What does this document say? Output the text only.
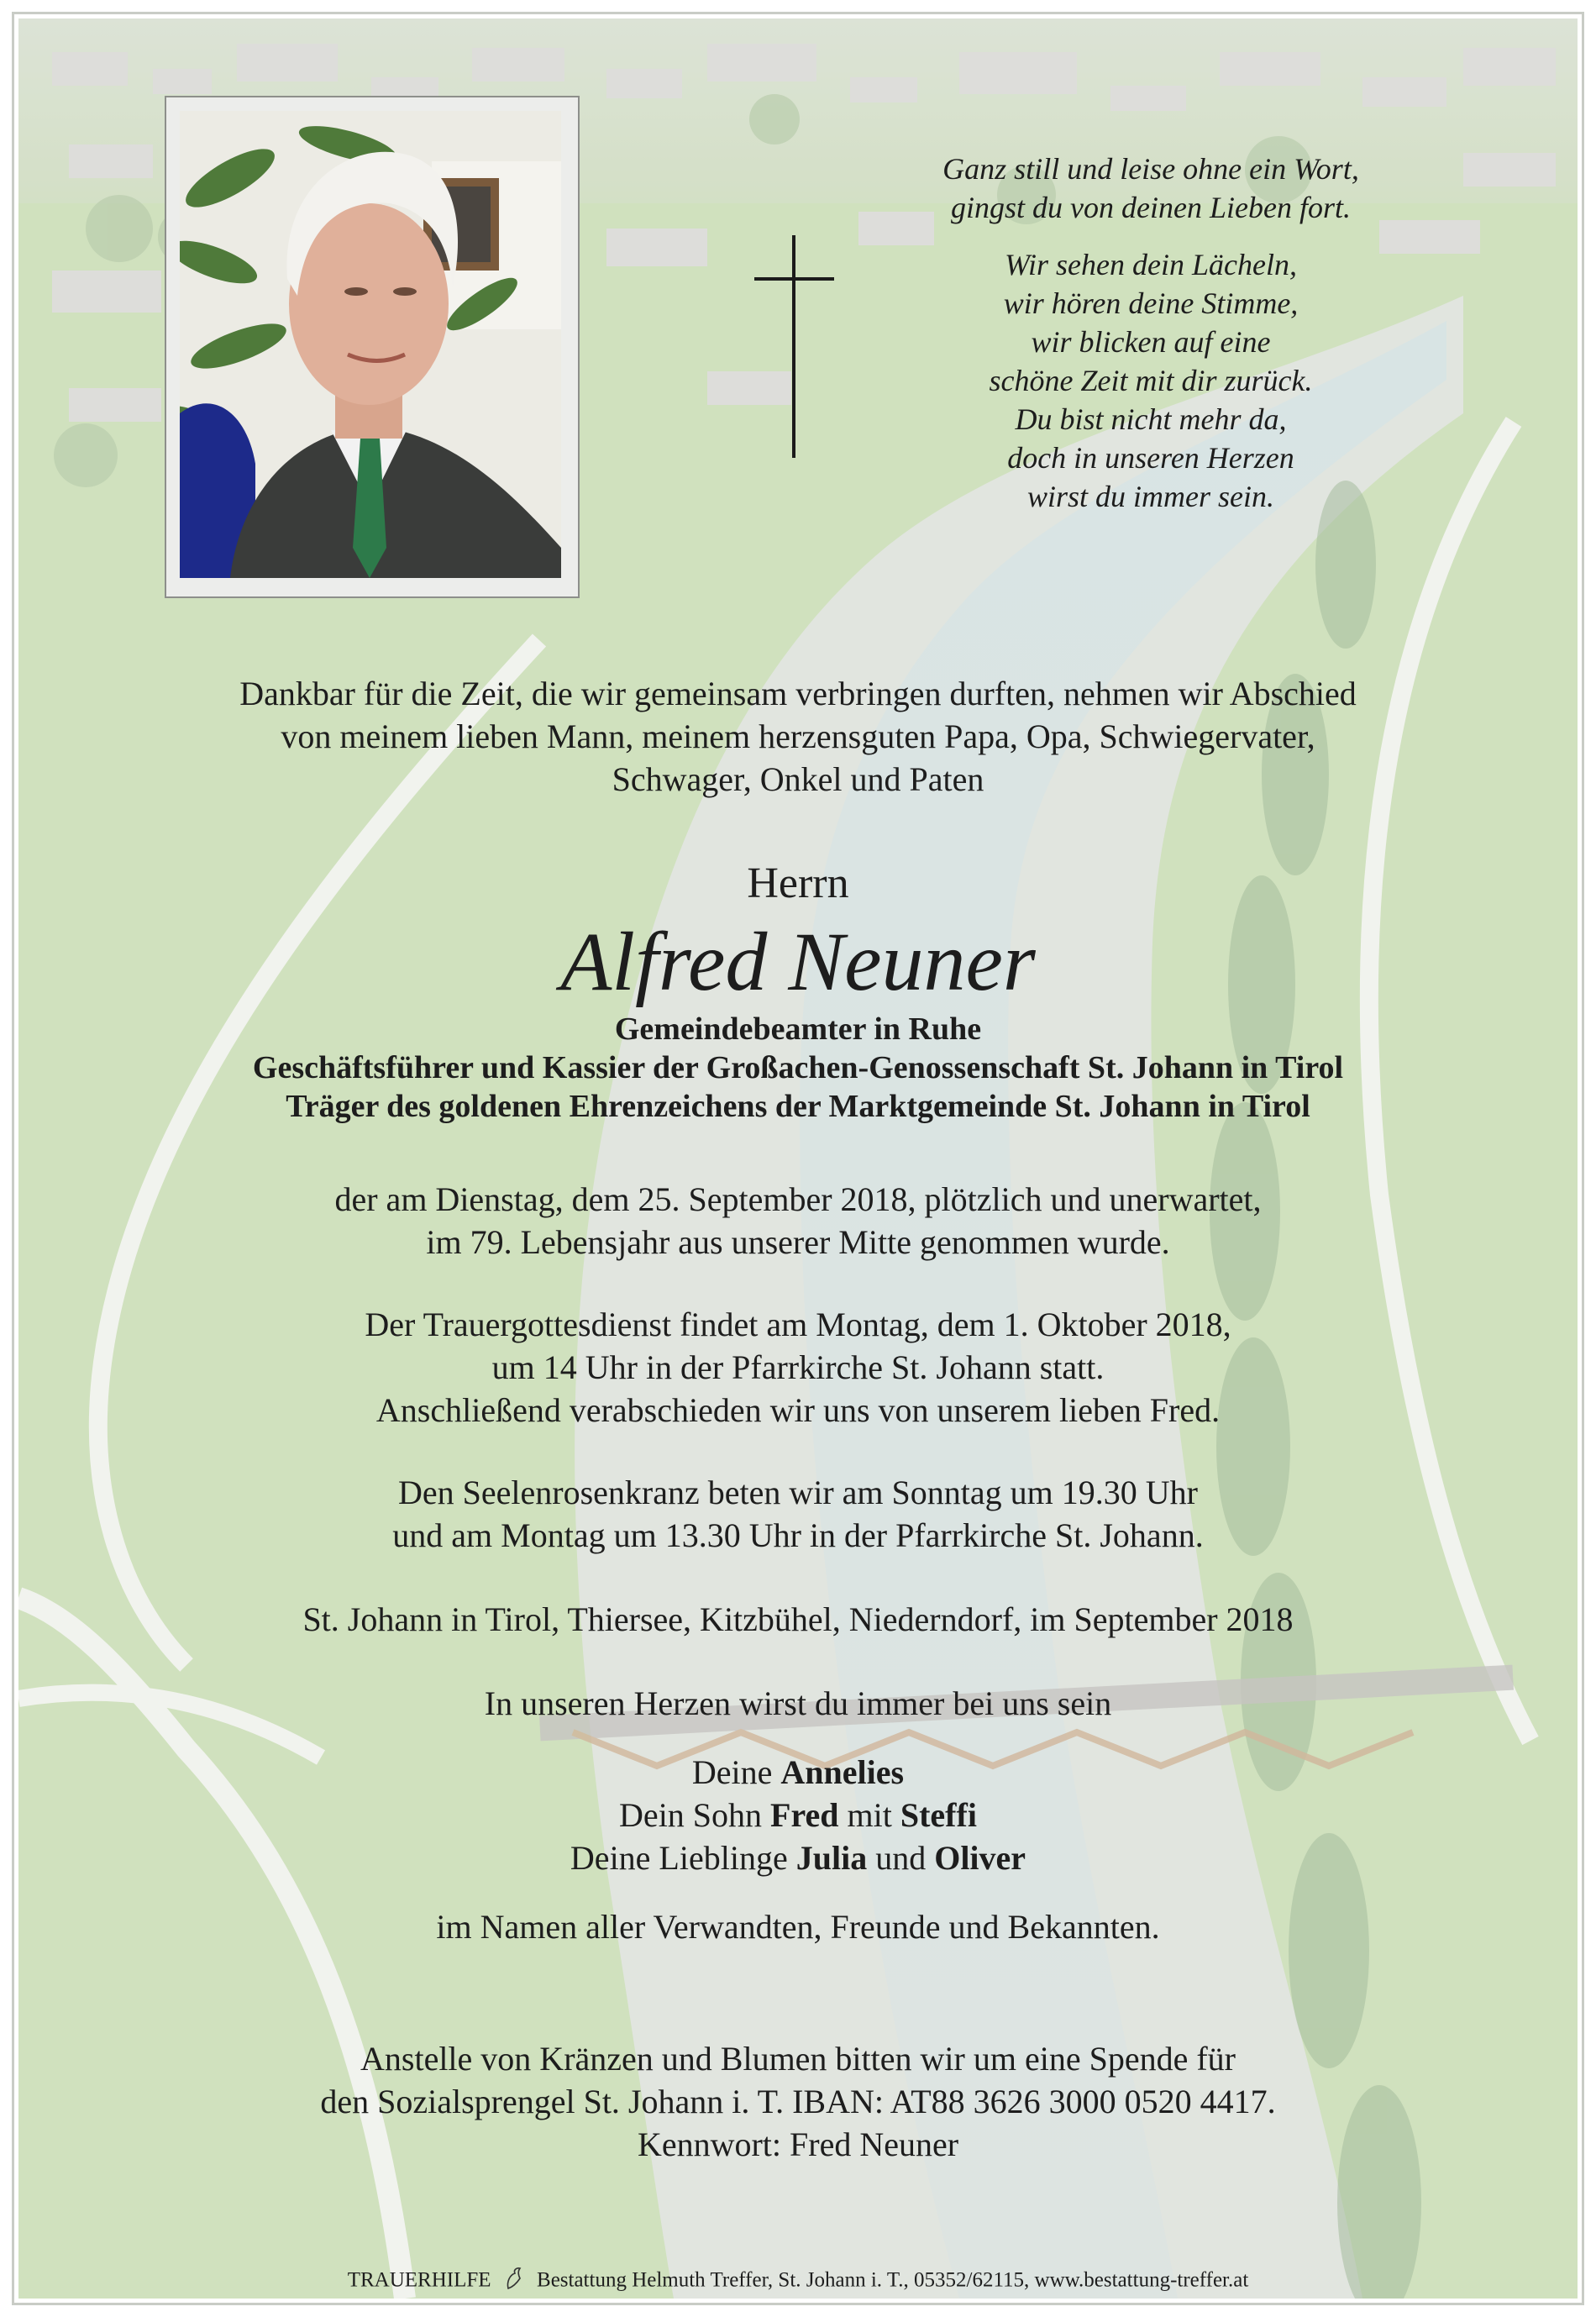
Ganz still und leise ohne ein Wort,
gingst du von deinen Lieben fort.
Wir sehen dein Lächeln,
wir hören deine Stimme,
wir blicken auf eine
schöne Zeit mit dir zurück.
Du bist nicht mehr da,
doch in unseren Herzen
wirst du immer sein.
Dankbar für die Zeit, die wir gemeinsam verbringen durften, nehmen wir Abschied
von meinem lieben Mann, meinem herzensguten Papa, Opa, Schwiegervater,
Schwager, Onkel und Paten
Herrn
Alfred Neuner
Gemeindebeamter in Ruhe
Geschäftsführer und Kassier der Großachen-Genossenschaft St. Johann in Tirol
Träger des goldenen Ehrenzeichens der Marktgemeinde St. Johann in Tirol
der am Dienstag, dem 25. September 2018, plötzlich und unerwartet,
im 79. Lebensjahr aus unserer Mitte genommen wurde.
Der Trauergottesdienst findet am Montag, dem 1. Oktober 2018,
um 14 Uhr in der Pfarrkirche St. Johann statt.
Anschließend verabschieden wir uns von unserem lieben Fred.
Den Seelenrosenkranz beten wir am Sonntag um 19.30 Uhr
und am Montag um 13.30 Uhr in der Pfarrkirche St. Johann.
St. Johann in Tirol, Thiersee, Kitzbühel, Niederndorf, im September 2018
In unseren Herzen wirst du immer bei uns sein
Deine Annelies
Dein Sohn Fred mit Steffi
Deine Lieblinge Julia und Oliver
im Namen aller Verwandten, Freunde und Bekannten.
Anstelle von Kränzen und Blumen bitten wir um eine Spende für
den Sozialsprengel St. Johann i. T. IBAN: AT88 3626 3000 0520 4417.
Kennwort: Fred Neuner
TRAUERHILFE Bestattung Helmuth Treffer, St. Johann i. T., 05352/62115, www.bestattung-treffer.at
